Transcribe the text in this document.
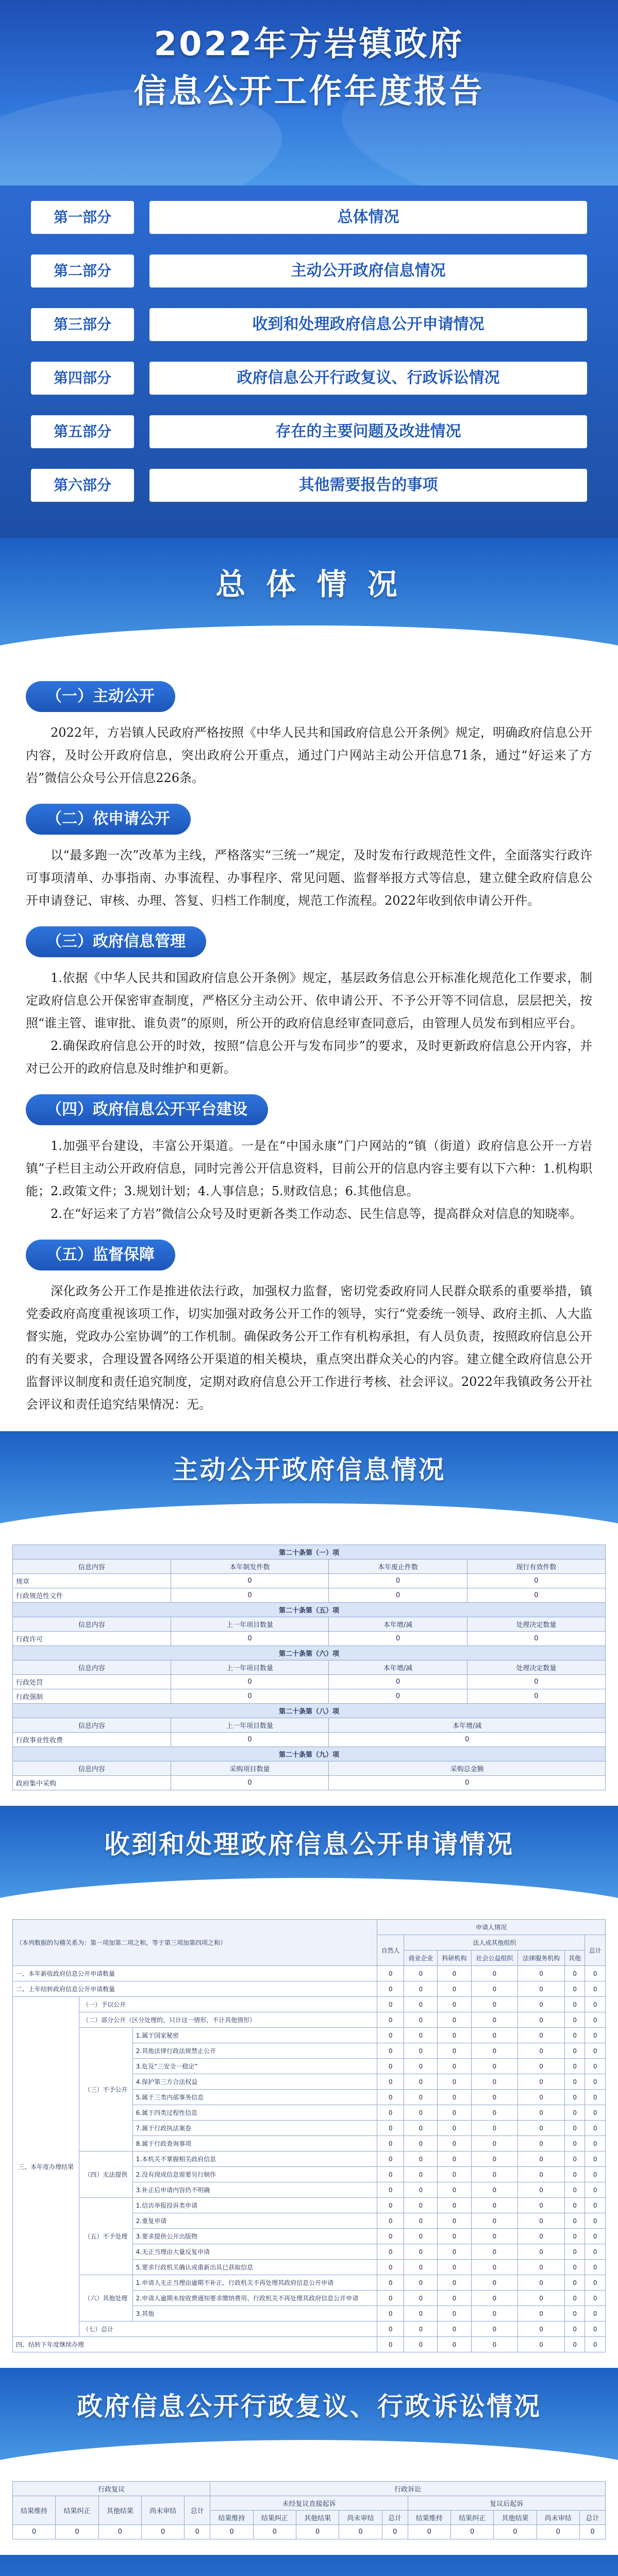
2022年方岩镇政府
信息公开工作年度报告
第一部分	总体情况
第二部分	主动公开政府信息情况
第三部分	收到和处理政府信息公开申请情况
第四部分	政府信息公开行政复议、行政诉讼情况
第五部分	存在的主要问题及改进情况
第六部分	其他需要报告的事项
总 体 情 况
（一）主动公开

2022年，方岩镇人民政府严格按照《中华人民共和国政府信息公开条例》规定，明确政府信息公开内容，及时公开政府信息，突出政府公开重点，通过门户网站主动公开信息71条，通过“好运来了方岩”微信公众号公开信息226条。

（二）依申请公开

以“最多跑一次”改革为主线，严格落实“三统一”规定，及时发布行政规范性文件，全面落实行政许可事项清单、办事指南、办事流程、办事程序、常见问题、监督举报方式等信息，建立健全政府信息公开申请登记、审核、办理、答复、归档工作制度，规范工作流程。2022年收到依申请公开件。

（三）政府信息管理

1.依据《中华人民共和国政府信息公开条例》规定，基层政务信息公开标准化规范化工作要求，制定政府信息公开保密审查制度，严格区分主动公开、依申请公开、不予公开等不同信息，层层把关，按照“谁主管、谁审批、谁负责”的原则，所公开的政府信息经审查同意后，由管理人员发布到相应平台。

2.确保政府信息公开的时效，按照“信息公开与发布同步”的要求，及时更新政府信息公开内容，并对已公开的政府信息及时维护和更新。

（四）政府信息公开平台建设

1.加强平台建设，丰富公开渠道。一是在“中国永康”门户网站的“镇（街道）政府信息公开一方岩镇”子栏目主动公开政府信息，同时完善公开信息资料，目前公开的信息内容主要有以下六种：1.机构职能；2.政策文件；3.规划计划；4.人事信息；5.财政信息；6.其他信息。

2.在“好运来了方岩”微信公众号及时更新各类工作动态、民生信息等，提高群众对信息的知晓率。

（五）监督保障

深化政务公开工作是推进依法行政，加强权力监督，密切党委政府同人民群众联系的重要举措，镇党委政府高度重视该项工作，切实加强对政务公开工作的领导，实行“党委统一领导、政府主抓、人大监督实施，党政办公室协调”的工作机制。确保政务公开工作有机构承担，有人员负责，按照政府信息公开的有关要求，合理设置各网络公开渠道的相关模块，重点突出群众关心的内容。建立健全政府信息公开监督评议制度和责任追究制度，定期对政府信息公开工作进行考核、社会评议。2022年我镇政务公开社会评议和责任追究结果情况：无。

主动公开政府信息情况
第二十条第（一）项			
信息内容	本年制发件数	本年废止件数	现行有效件数
规章	0	0	0
行政规范性文件	0	0	0
第二十条第（五）项			
信息内容	上一年项目数量	本年增/减	处理决定数量
行政许可	0	0	0
第二十条第（六）项			
信息内容	上一年项目数量	本年增/减	处理决定数量
行政处罚	0	0	0
行政强制	0	0	0
第二十条第（八）项			
信息内容	上一年项目数量	本年增/减	
行政事业性收费	0	0	
第二十条第（九）项			
信息内容	采购项目数量	采购总金额	
政府集中采购	0	0	
收到和处理政府信息公开申请情况
（本列数据的勾稽关系为：第一项加第二项之和，等于第三项加第四项之和）			申请人情况						
			自然人	法人或其他组织					总计
				商业企业	科研机构	社会公益组织	法律服务机构	其他	
一、本年新收政府信息公开申请数量			0	0	0	0	0	0	0
二、上年结转政府信息公开申请数量			0	0	0	0	0	0	0
三、本年度办理结果	（一）予以公开		0	0	0	0	0	0	0
	（二）部分公开（区分处理的，只计这一情形，不计其他情形）		0	0	0	0	0	0	0
	（三）不予公开	1.属于国家秘密	0	0	0	0	0	0	0
		2.其他法律行政法规禁止公开	0	0	0	0	0	0	0
		3.危及“三安全一稳定”	0	0	0	0	0	0	0
		4.保护第三方合法权益	0	0	0	0	0	0	0
		5.属于三类内部事务信息	0	0	0	0	0	0	0
		6.属于四类过程性信息	0	0	0	0	0	0	0
		7.属于行政执法案卷	0	0	0	0	0	0	0
		8.属于行政查询事项	0	0	0	0	0	0	0
	（四）无法提供	1.本机关不掌握相关政府信息	0	0	0	0	0	0	0
		2.没有现成信息需要另行制作	0	0	0	0	0	0	0
		3.补正后申请内容仍不明确	0	0	0	0	0	0	0
	（五）不予处理	1.信访举报投诉类申请	0	0	0	0	0	0	0
		2.重复申请	0	0	0	0	0	0	0
		3.要求提供公开出版物	0	0	0	0	0	0	0
		4.无正当理由大量反复申请	0	0	0	0	0	0	0
		5.要求行政机关确认或重新出具已获取信息	0	0	0	0	0	0	0
	（六）其他处理	1.申请人无正当理由逾期不补正、行政机关不再处理其政府信息公开申请	0	0	0	0	0	0	0
		2.申请人逾期未按收费通知要求缴纳费用、行政机关不再处理其政府信息公开申请	0	0	0	0	0	0	0
		3.其他	0	0	0	0	0	0	0
	（七）总计		0	0	0	0	0	0	0
四、结转下年度继续办理			0	0	0	0	0	0	0
政府信息公开行政复议、行政诉讼情况
行政复议					行政诉讼									
结果维持	结果纠正	其他结果	尚未审结	总计	未经复议直接起诉					复议后起诉				
					结果维持	结果纠正	其他结果	尚未审结	总计	结果维持	结果纠正	其他结果	尚未审结	总计
0	0	0	0	0	0	0	0	0	0	0	0	0	0	0
